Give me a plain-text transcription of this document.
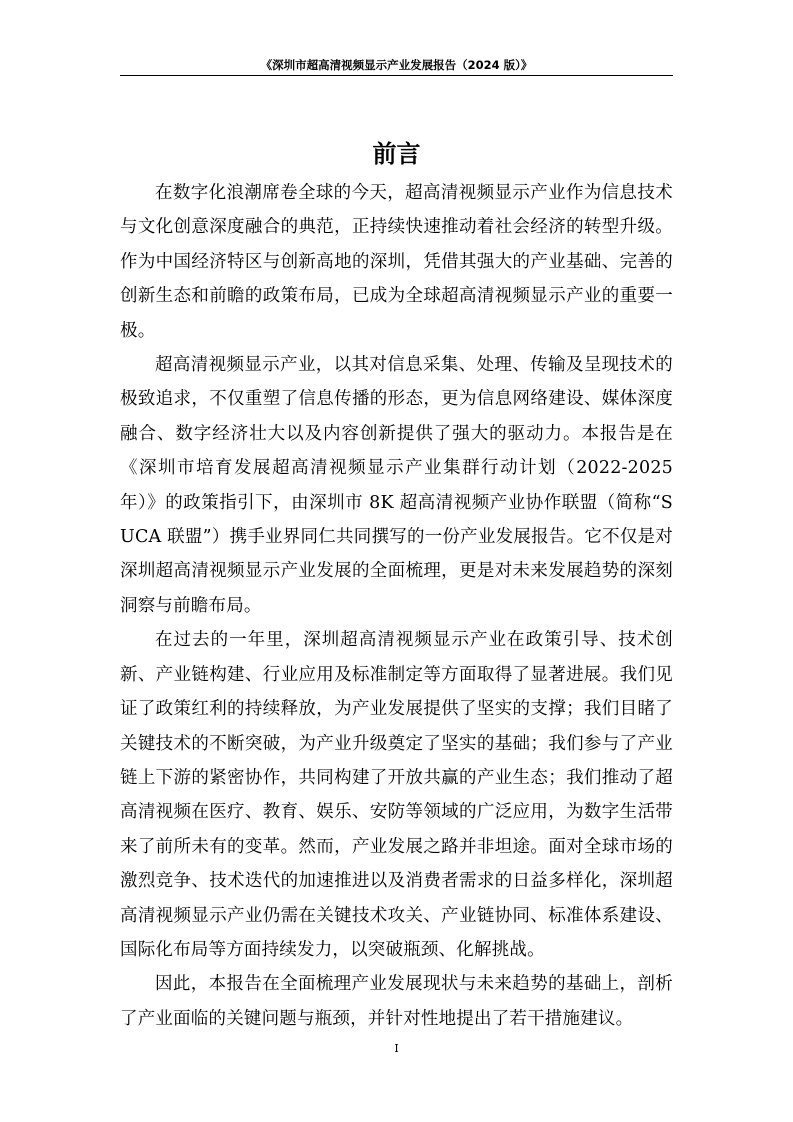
《深圳市超高清视频显示产业发展报告（2024 版）》
前言

在数字化浪潮席卷全球的今天，超高清视频显示产业作为信息技术与文化创意深度融合的典范，正持续快速推动着社会经济的转型升级。作为中国经济特区与创新高地的深圳，凭借其强大的产业基础、完善的创新生态和前瞻的政策布局，已成为全球超高清视频显示产业的重要一极。

超高清视频显示产业，以其对信息采集、处理、传输及呈现技术的极致追求，不仅重塑了信息传播的形态，更为信息网络建设、媒体深度融合、数字经济壮大以及内容创新提供了强大的驱动力。本报告是在《深圳市培育发展超高清视频显示产业集群行动计划（2022-2025年）》的政策指引下，由深圳市 8K 超高清视频产业协作联盟（简称“SUCA 联盟”）携手业界同仁共同撰写的一份产业发展报告。它不仅是对深圳超高清视频显示产业发展的全面梳理，更是对未来发展趋势的深刻洞察与前瞻布局。

在过去的一年里，深圳超高清视频显示产业在政策引导、技术创新、产业链构建、行业应用及标准制定等方面取得了显著进展。我们见证了政策红利的持续释放，为产业发展提供了坚实的支撑；我们目睹了关键技术的不断突破，为产业升级奠定了坚实的基础；我们参与了产业链上下游的紧密协作，共同构建了开放共赢的产业生态；我们推动了超高清视频在医疗、教育、娱乐、安防等领域的广泛应用，为数字生活带来了前所未有的变革。然而，产业发展之路并非坦途。面对全球市场的激烈竞争、技术迭代的加速推进以及消费者需求的日益多样化，深圳超高清视频显示产业仍需在关键技术攻关、产业链协同、标准体系建设、国际化布局等方面持续发力，以突破瓶颈、化解挑战。

因此，本报告在全面梳理产业发展现状与未来趋势的基础上，剖析了产业面临的关键问题与瓶颈，并针对性地提出了若干措施建议。

I
